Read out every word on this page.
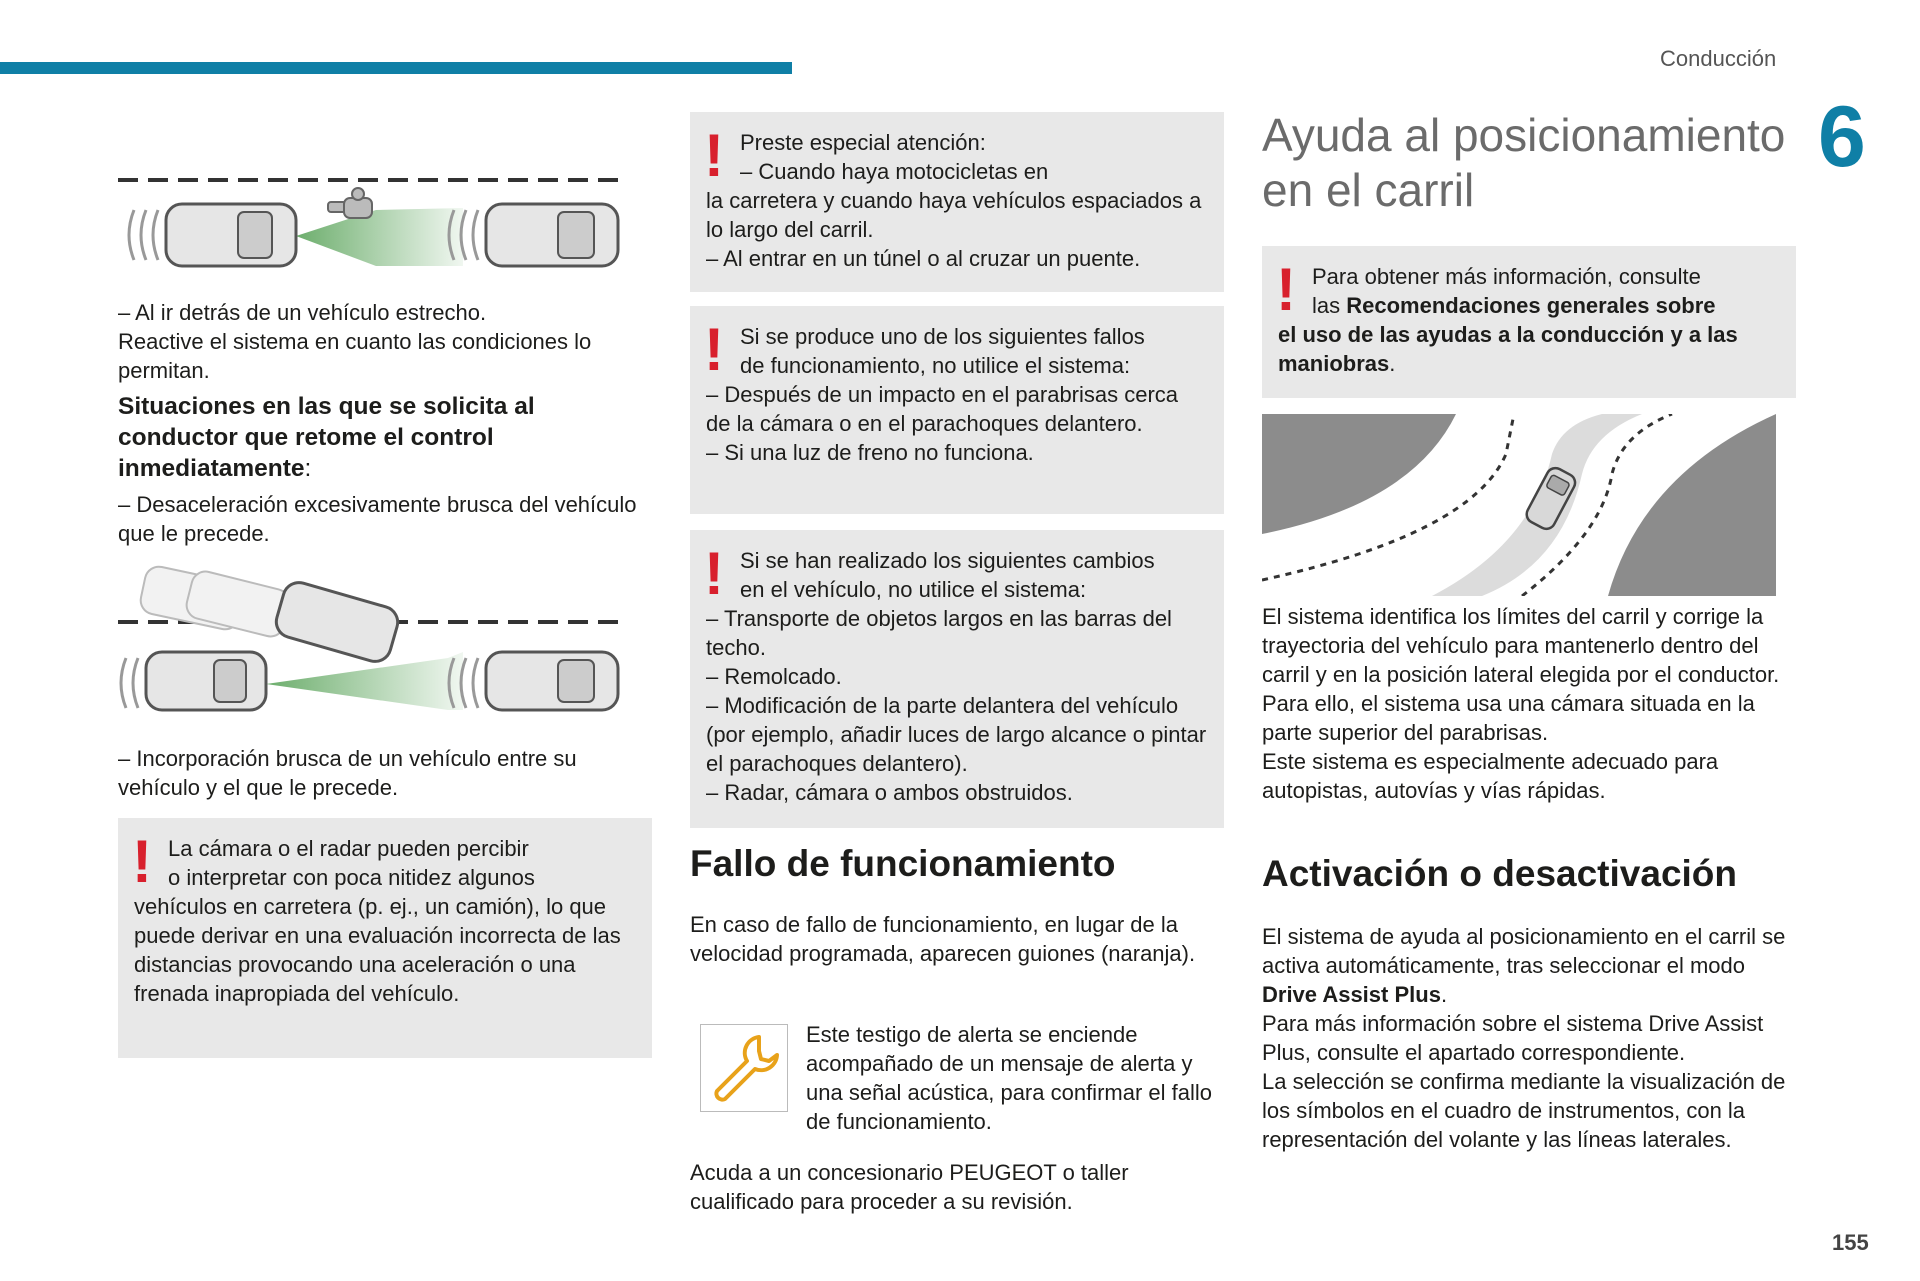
Conducción
6
155

– Al ir detrás de un vehículo estrecho.

Reactive el sistema en cuanto las condiciones lo permitan.

Situaciones en las que se solicita al conductor que retome el control inmediatamente:

– Desaceleración excesivamente brusca del vehículo que le precede.

– Incorporación brusca de un vehículo entre su vehículo y el que le precede.

! La cámara o el radar pueden percibir

o interpretar con poca nitidez algunos

vehículos en carretera (p. ej., un camión), lo que puede derivar en una evaluación incorrecta de las distancias provocando una aceleración o una frenada inapropiada del vehículo.

! Preste especial atención:

– Cuando haya motocicletas en

la carretera y cuando haya vehículos espaciados a lo largo del carril.

– Al entrar en un túnel o al cruzar un puente.

! Si se produce uno de los siguientes fallos

de funcionamiento, no utilice el sistema:

– Después de un impacto en el parabrisas cerca de la cámara o en el parachoques delantero.

– Si una luz de freno no funciona.

! Si se han realizado los siguientes cambios

en el vehículo, no utilice el sistema:

– Transporte de objetos largos en las barras del techo.

– Remolcado.

– Modificación de la parte delantera del vehículo (por ejemplo, añadir luces de largo alcance o pintar el parachoques delantero).

– Radar, cámara o ambos obstruidos.

Fallo de funcionamiento

En caso de fallo de funcionamiento, en lugar de la velocidad programada, aparecen guiones (naranja).

Este testigo de alerta se enciende acompañado de un mensaje de alerta y una señal acústica, para confirmar el fallo de funcionamiento.

Acuda a un concesionario PEUGEOT o taller cualificado para proceder a su revisión.

Ayuda al posicionamiento en el carril

! Para obtener más información, consulte

las Recomendaciones generales sobre

el uso de las ayudas a la conducción y a las maniobras.

El sistema identifica los límites del carril y corrige la trayectoria del vehículo para mantenerlo dentro del carril y en la posición lateral elegida por el conductor.

Para ello, el sistema usa una cámara situada en la parte superior del parabrisas.

Este sistema es especialmente adecuado para autopistas, autovías y vías rápidas.

Activación o desactivación

El sistema de ayuda al posicionamiento en el carril se activa automáticamente, tras seleccionar el modo Drive Assist Plus.

Para más información sobre el sistema Drive Assist Plus, consulte el apartado correspondiente.

La selección se confirma mediante la visualización de los símbolos en el cuadro de instrumentos, con la representación del volante y las líneas laterales.
